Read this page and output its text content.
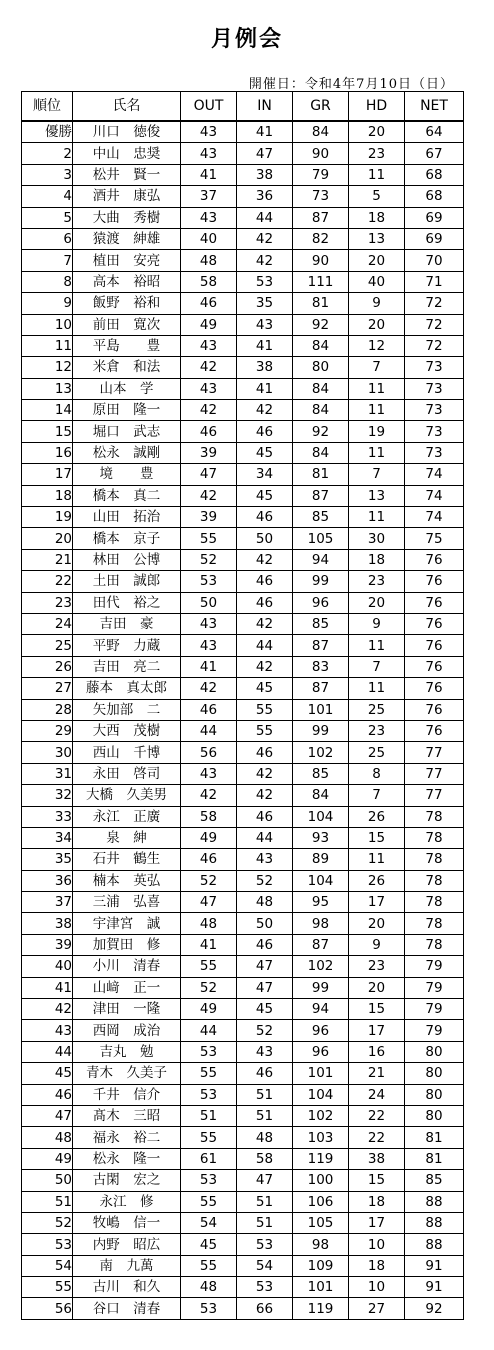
月例会
開催日：令和4年7月10日（日）
順位	氏名	OUT	IN	GR	HD	NET
優勝	川口　徳俊	43	41	84	20	64
2	中山　忠奨	43	47	90	23	67
3	松井　賢一	41	38	79	11	68
4	酒井　康弘	37	36	73	5	68
5	大曲　秀樹	43	44	87	18	69
6	猿渡　紳雄	40	42	82	13	69
7	植田　安亮	48	42	90	20	70
8	高本　裕昭	58	53	111	40	71
9	飯野　裕和	46	35	81	9	72
10	前田　寛次	49	43	92	20	72
11	平島　　豊	43	41	84	12	72
12	米倉　和法	42	38	80	7	73
13	山本　学	43	41	84	11	73
14	原田　隆一	42	42	84	11	73
15	堀口　武志	46	46	92	19	73
16	松永　誠剛	39	45	84	11	73
17	境　　豊	47	34	81	7	74
18	橋本　真二	42	45	87	13	74
19	山田　拓治	39	46	85	11	74
20	橋本　京子	55	50	105	30	75
21	林田　公博	52	42	94	18	76
22	土田　誠郎	53	46	99	23	76
23	田代　裕之	50	46	96	20	76
24	吉田　豪	43	42	85	9	76
25	平野　力蔵	43	44	87	11	76
26	吉田　亮二	41	42	83	7	76
27	藤本　真太郎	42	45	87	11	76
28	矢加部　二	46	55	101	25	76
29	大西　茂樹	44	55	99	23	76
30	西山　千博	56	46	102	25	77
31	永田　啓司	43	42	85	8	77
32	大橋　久美男	42	42	84	7	77
33	永江　正廣	58	46	104	26	78
34	泉　紳	49	44	93	15	78
35	石井　鶴生	46	43	89	11	78
36	楠本　英弘	52	52	104	26	78
37	三浦　弘喜	47	48	95	17	78
38	宇津宮　誠	48	50	98	20	78
39	加賀田　修	41	46	87	9	78
40	小川　清春	55	47	102	23	79
41	山﨑　正一	52	47	99	20	79
42	津田　一隆	49	45	94	15	79
43	西岡　成治	44	52	96	17	79
44	吉丸　勉	53	43	96	16	80
45	青木　久美子	55	46	101	21	80
46	千井　信介	53	51	104	24	80
47	髙木　三昭	51	51	102	22	80
48	福永　裕二	55	48	103	22	81
49	松永　隆一	61	58	119	38	81
50	古閑　宏之	53	47	100	15	85
51	永江　修	55	51	106	18	88
52	牧嶋　信一	54	51	105	17	88
53	内野　昭広	45	53	98	10	88
54	南　九萬	55	54	109	18	91
55	古川　和久	48	53	101	10	91
56	谷口　清春	53	66	119	27	92
